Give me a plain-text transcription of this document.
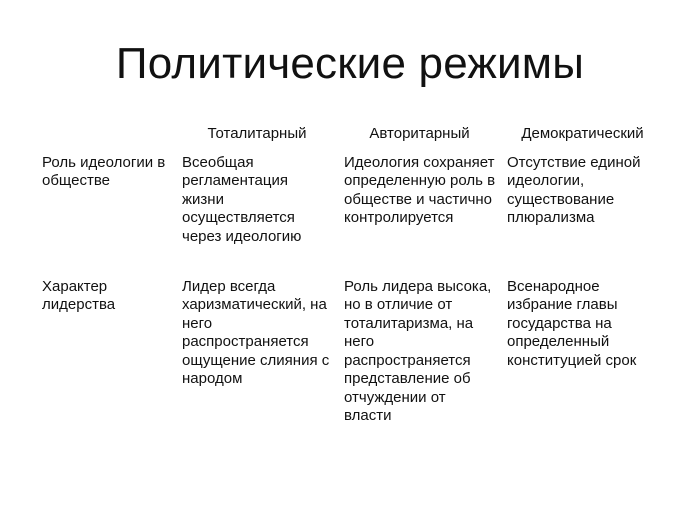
Политические режимы
	Тоталитарный	Авторитарный	Демократический
Роль идеологии в обществе	Всеобщая регламентация жизни осуществляется через идеологию	Идеология сохраняет определенную роль в обществе и частично контролируется	Отсутствие единой идеологии, существование плюрализма
Характер лидерства	Лидер всегда харизматический, на него распространяется ощущение слияния с народом	Роль лидера высока, но в отличие от тоталитаризма, на него распространяется представление об отчуждении от власти	Всенародное избрание главы государства на определенный конституцией срок
